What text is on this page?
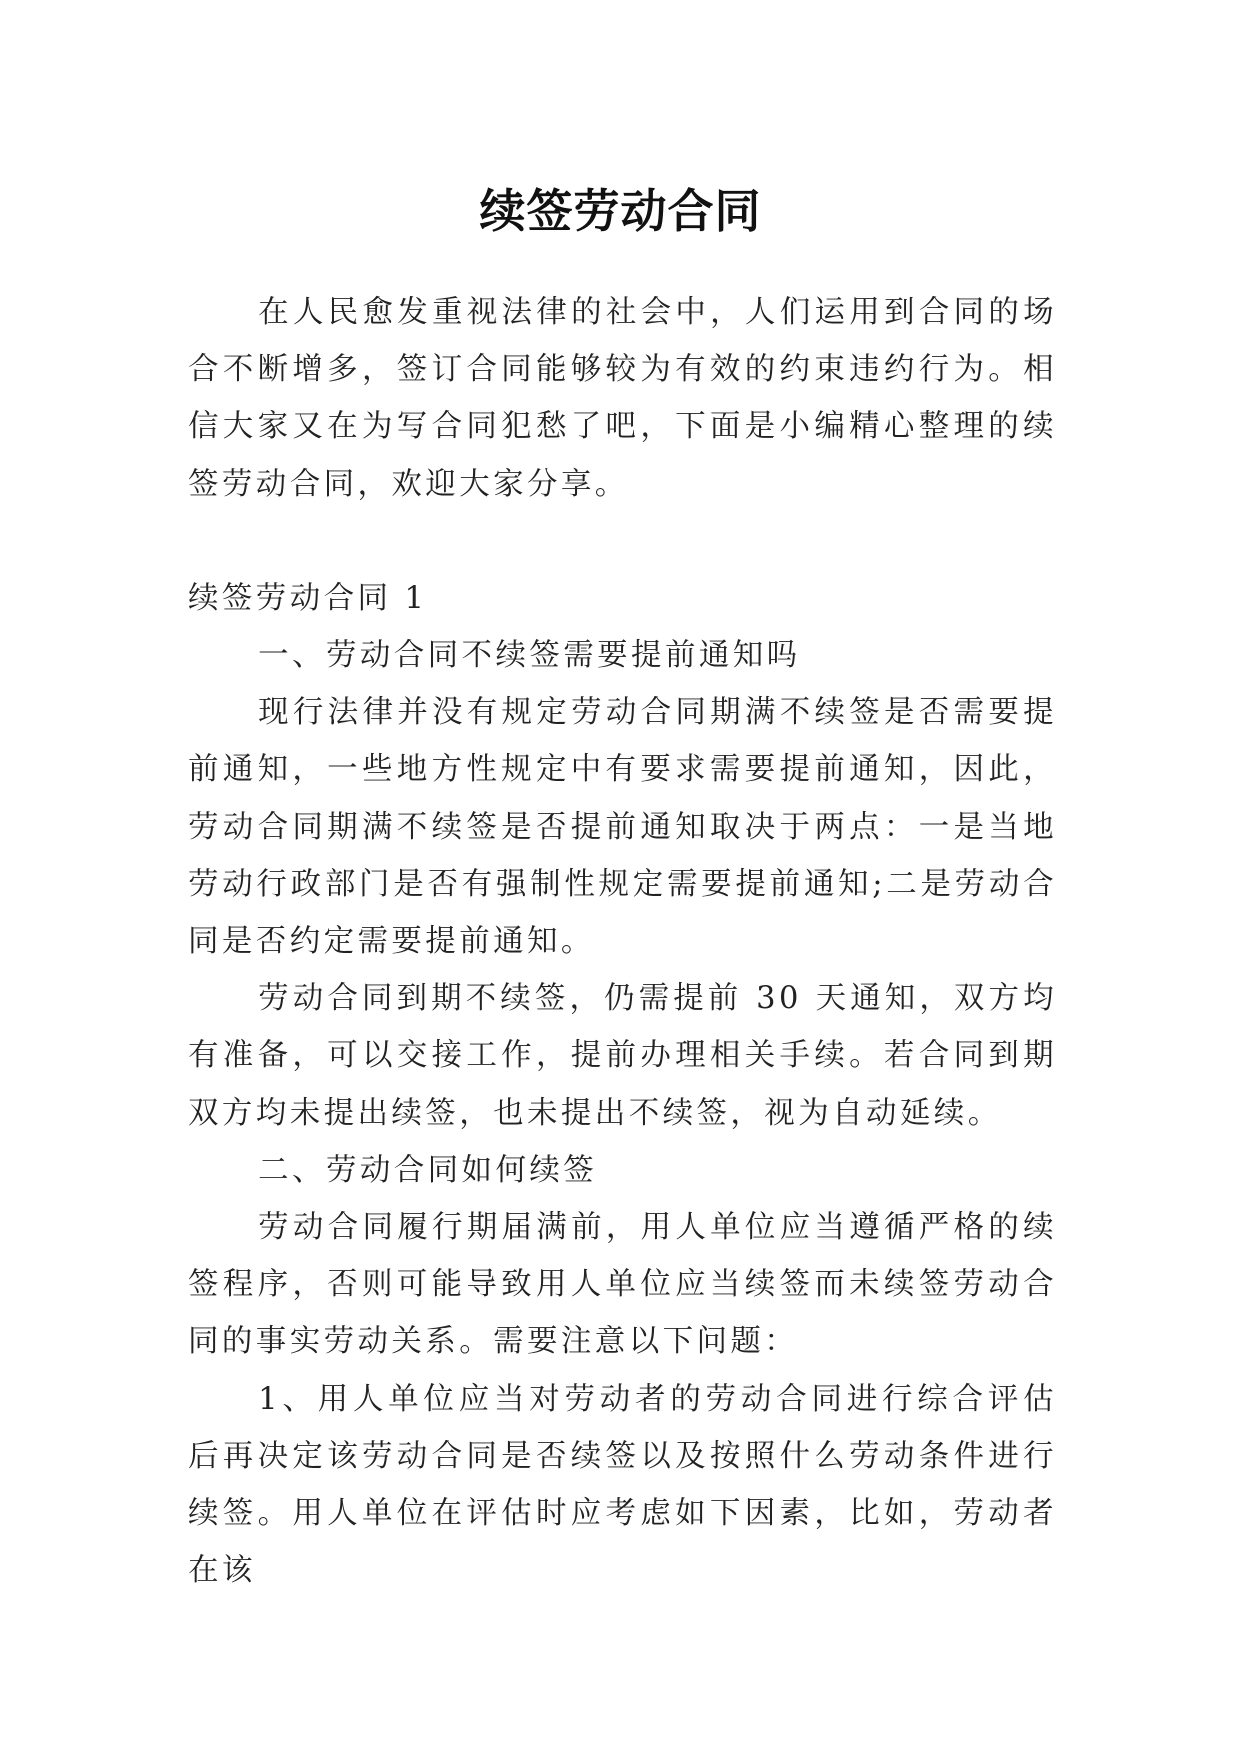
续签劳动合同

在人民愈发重视法律的社会中，人们运用到合同的场合不断增多，签订合同能够较为有效的约束违约行为。相信大家又在为写合同犯愁了吧，下面是小编精心整理的续签劳动合同，欢迎大家分享。

续签劳动合同 1

一、劳动合同不续签需要提前通知吗

现行法律并没有规定劳动合同期满不续签是否需要提前通知，一些地方性规定中有要求需要提前通知，因此，劳动合同期满不续签是否提前通知取决于两点：一是当地劳动行政部门是否有强制性规定需要提前通知;二是劳动合同是否约定需要提前通知。

劳动合同到期不续签，仍需提前 30 天通知，双方均有准备，可以交接工作，提前办理相关手续。若合同到期双方均未提出续签，也未提出不续签，视为自动延续。

二、劳动合同如何续签

劳动合同履行期届满前，用人单位应当遵循严格的续签程序，否则可能导致用人单位应当续签而未续签劳动合同的事实劳动关系。需要注意以下问题：

1、用人单位应当对劳动者的劳动合同进行综合评估后再决定该劳动合同是否续签以及按照什么劳动条件进行续签。用人单位在评估时应考虑如下因素，比如，劳动者在该
